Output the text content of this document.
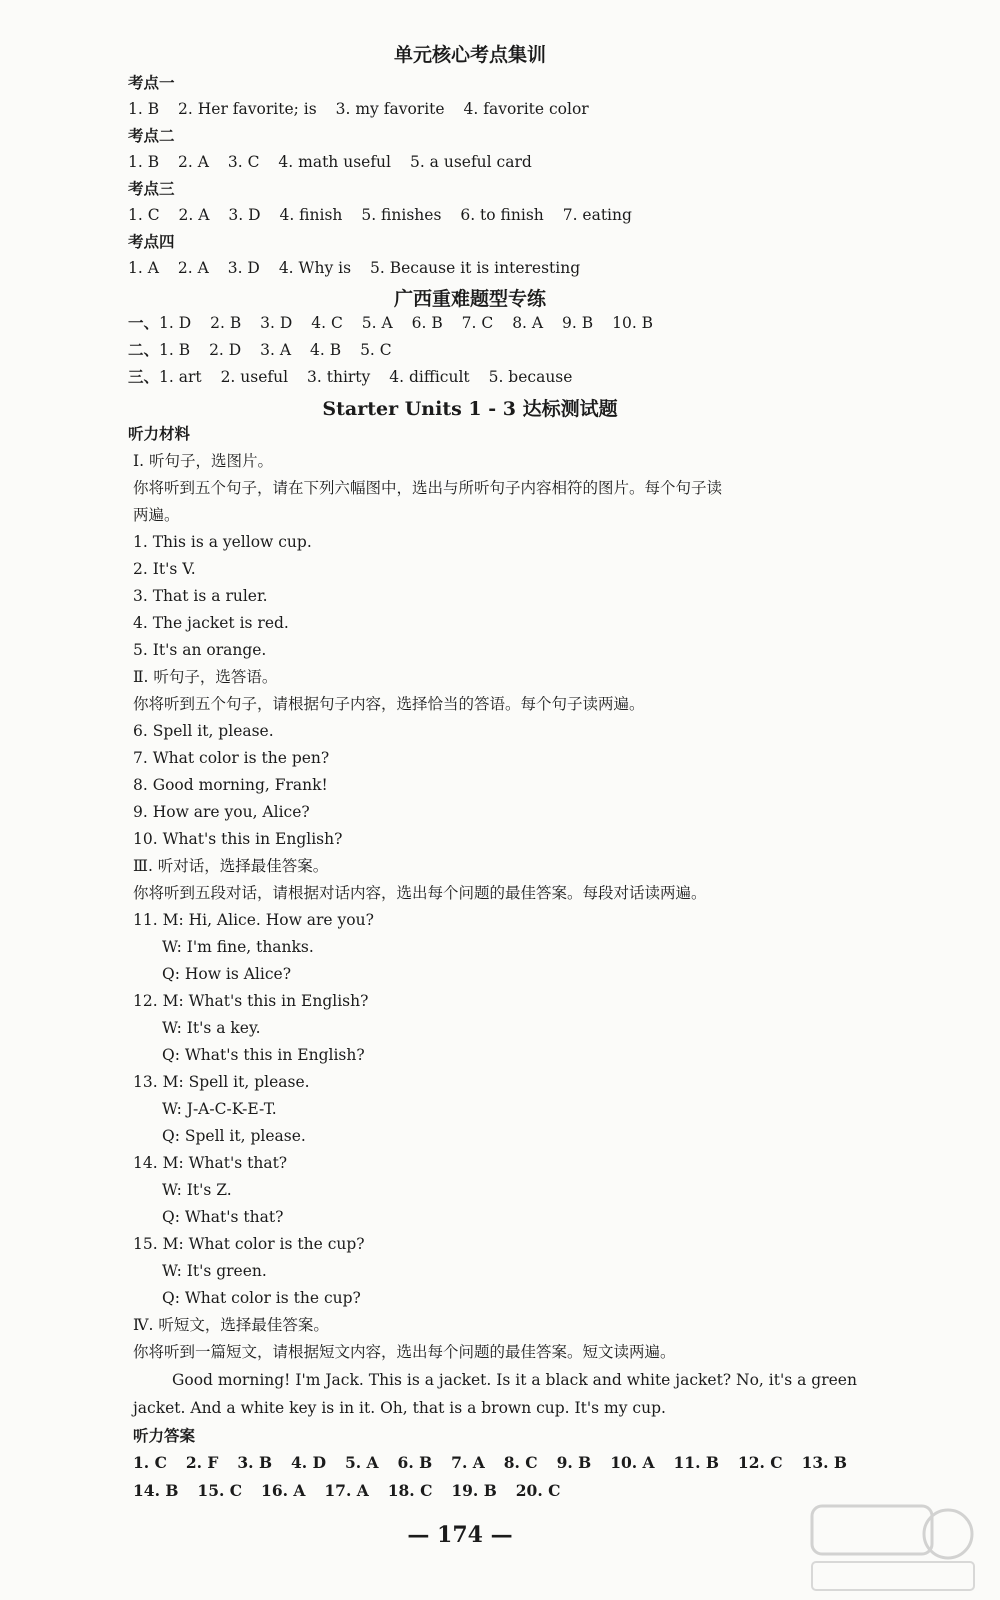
单元核心考点集训
考点一
1. B 2. Her favorite; is 3. my favorite 4. favorite color
考点二
1. B 2. A 3. C 4. math useful 5. a useful card
考点三
1. C 2. A 3. D 4. finish 5. finishes 6. to finish 7. eating
考点四
1. A 2. A 3. D 4. Why is 5. Because it is interesting
广西重难题型专练
一、1. D 2. B 3. D 4. C 5. A 6. B 7. C 8. A 9. B 10. B
二、1. B 2. D 3. A 4. B 5. C
三、1. art 2. useful 3. thirty 4. difficult 5. because
Starter Units 1 - 3 达标测试题
听力材料
Ⅰ. 听句子，选图片。
你将听到五个句子，请在下列六幅图中，选出与所听句子内容相符的图片。每个句子读
两遍。
1. This is a yellow cup.
2. It's V.
3. That is a ruler.
4. The jacket is red.
5. It's an orange.
Ⅱ. 听句子，选答语。
你将听到五个句子，请根据句子内容，选择恰当的答语。每个句子读两遍。
6. Spell it, please.
7. What color is the pen?
8. Good morning, Frank!
9. How are you, Alice?
10. What's this in English?
Ⅲ. 听对话，选择最佳答案。
你将听到五段对话，请根据对话内容，选出每个问题的最佳答案。每段对话读两遍。
11. M: Hi, Alice. How are you?
W: I'm fine, thanks.
Q: How is Alice?
12. M: What's this in English?
W: It's a key.
Q: What's this in English?
13. M: Spell it, please.
W: J-A-C-K-E-T.
Q: Spell it, please.
14. M: What's that?
W: It's Z.
Q: What's that?
15. M: What color is the cup?
W: It's green.
Q: What color is the cup?
Ⅳ. 听短文，选择最佳答案。
你将听到一篇短文，请根据短文内容，选出每个问题的最佳答案。短文读两遍。
Good morning! I'm Jack. This is a jacket. Is it a black and white jacket? No, it's a green
jacket. And a white key is in it. Oh, that is a brown cup. It's my cup.
听力答案
1. C 2. F 3. B 4. D 5. A 6. B 7. A 8. C 9. B 10. A 11. B 12. C 13. B
14. B 15. C 16. A 17. A 18. C 19. B 20. C
— 174 —
